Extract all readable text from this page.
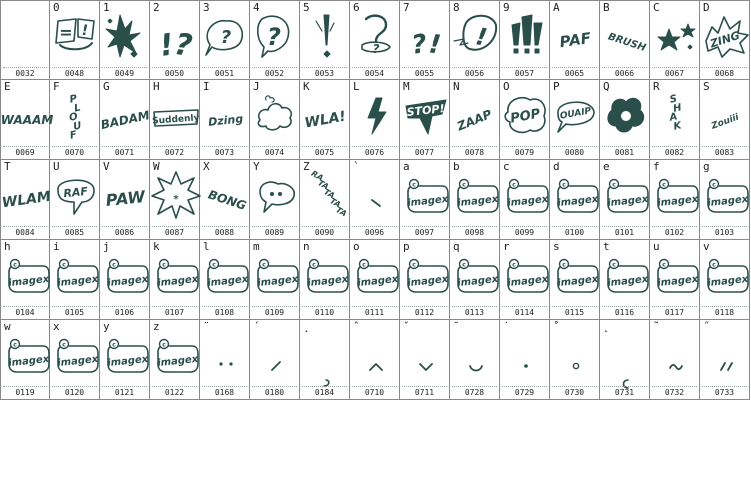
0032
0
= !
0048
1
0049
2
!
?
0050
3
?
0051
4
?
0052
5
0053
6
?
0054
7
? !
0055
8
!
0056
9
0057
A
PAF
0065
B
BRUSH
0066
C
0067
D
ZING
0068
E
WAAAM
0069
F
P
L
O
U
F
0070
G
BADAM
0071
H
Suddenly
0072
I
Dzing
0073
J
0074
K
WLA!
0075
L
0076
M
STOP!
0077
N
ZAAP
0078
O
POP
0079
P
OUAIP
0080
Q
0081
R
S
H
A
K
0082
S
Zouiii
0083
T
WLAM
0084
U
RAF
0085
V
PAW
0086
W
*
0087
X
BONG
0088
Y
0089
Z
RA
TA
TA
TA
TA
0090
`
0096
a
c
imagex
0097
b
c
imagex
0098
c
c
imagex
0099
d
c
imagex
0100
e
c
imagex
0101
f
c
imagex
0102
g
c
imagex
0103
h
c
imagex
0104
i
c
imagex
0105
j
c
imagex
0106
k
c
imagex
0107
l
c
imagex
0108
m
c
imagex
0109
n
c
imagex
0110
o
c
imagex
0111
p
c
imagex
0112
q
c
imagex
0113
r
c
imagex
0114
s
c
imagex
0115
t
c
imagex
0116
u
c
imagex
0117
v
c
imagex
0118
w
c
imagex
0119
x
c
imagex
0120
y
c
imagex
0121
z
c
imagex
0122
¨
0168
´
0180
¸
0184
ˆ
0710
ˇ
0711
˘
0728
˙
0729
˚
0730
˛
0731
˜
0732
˝
0733
